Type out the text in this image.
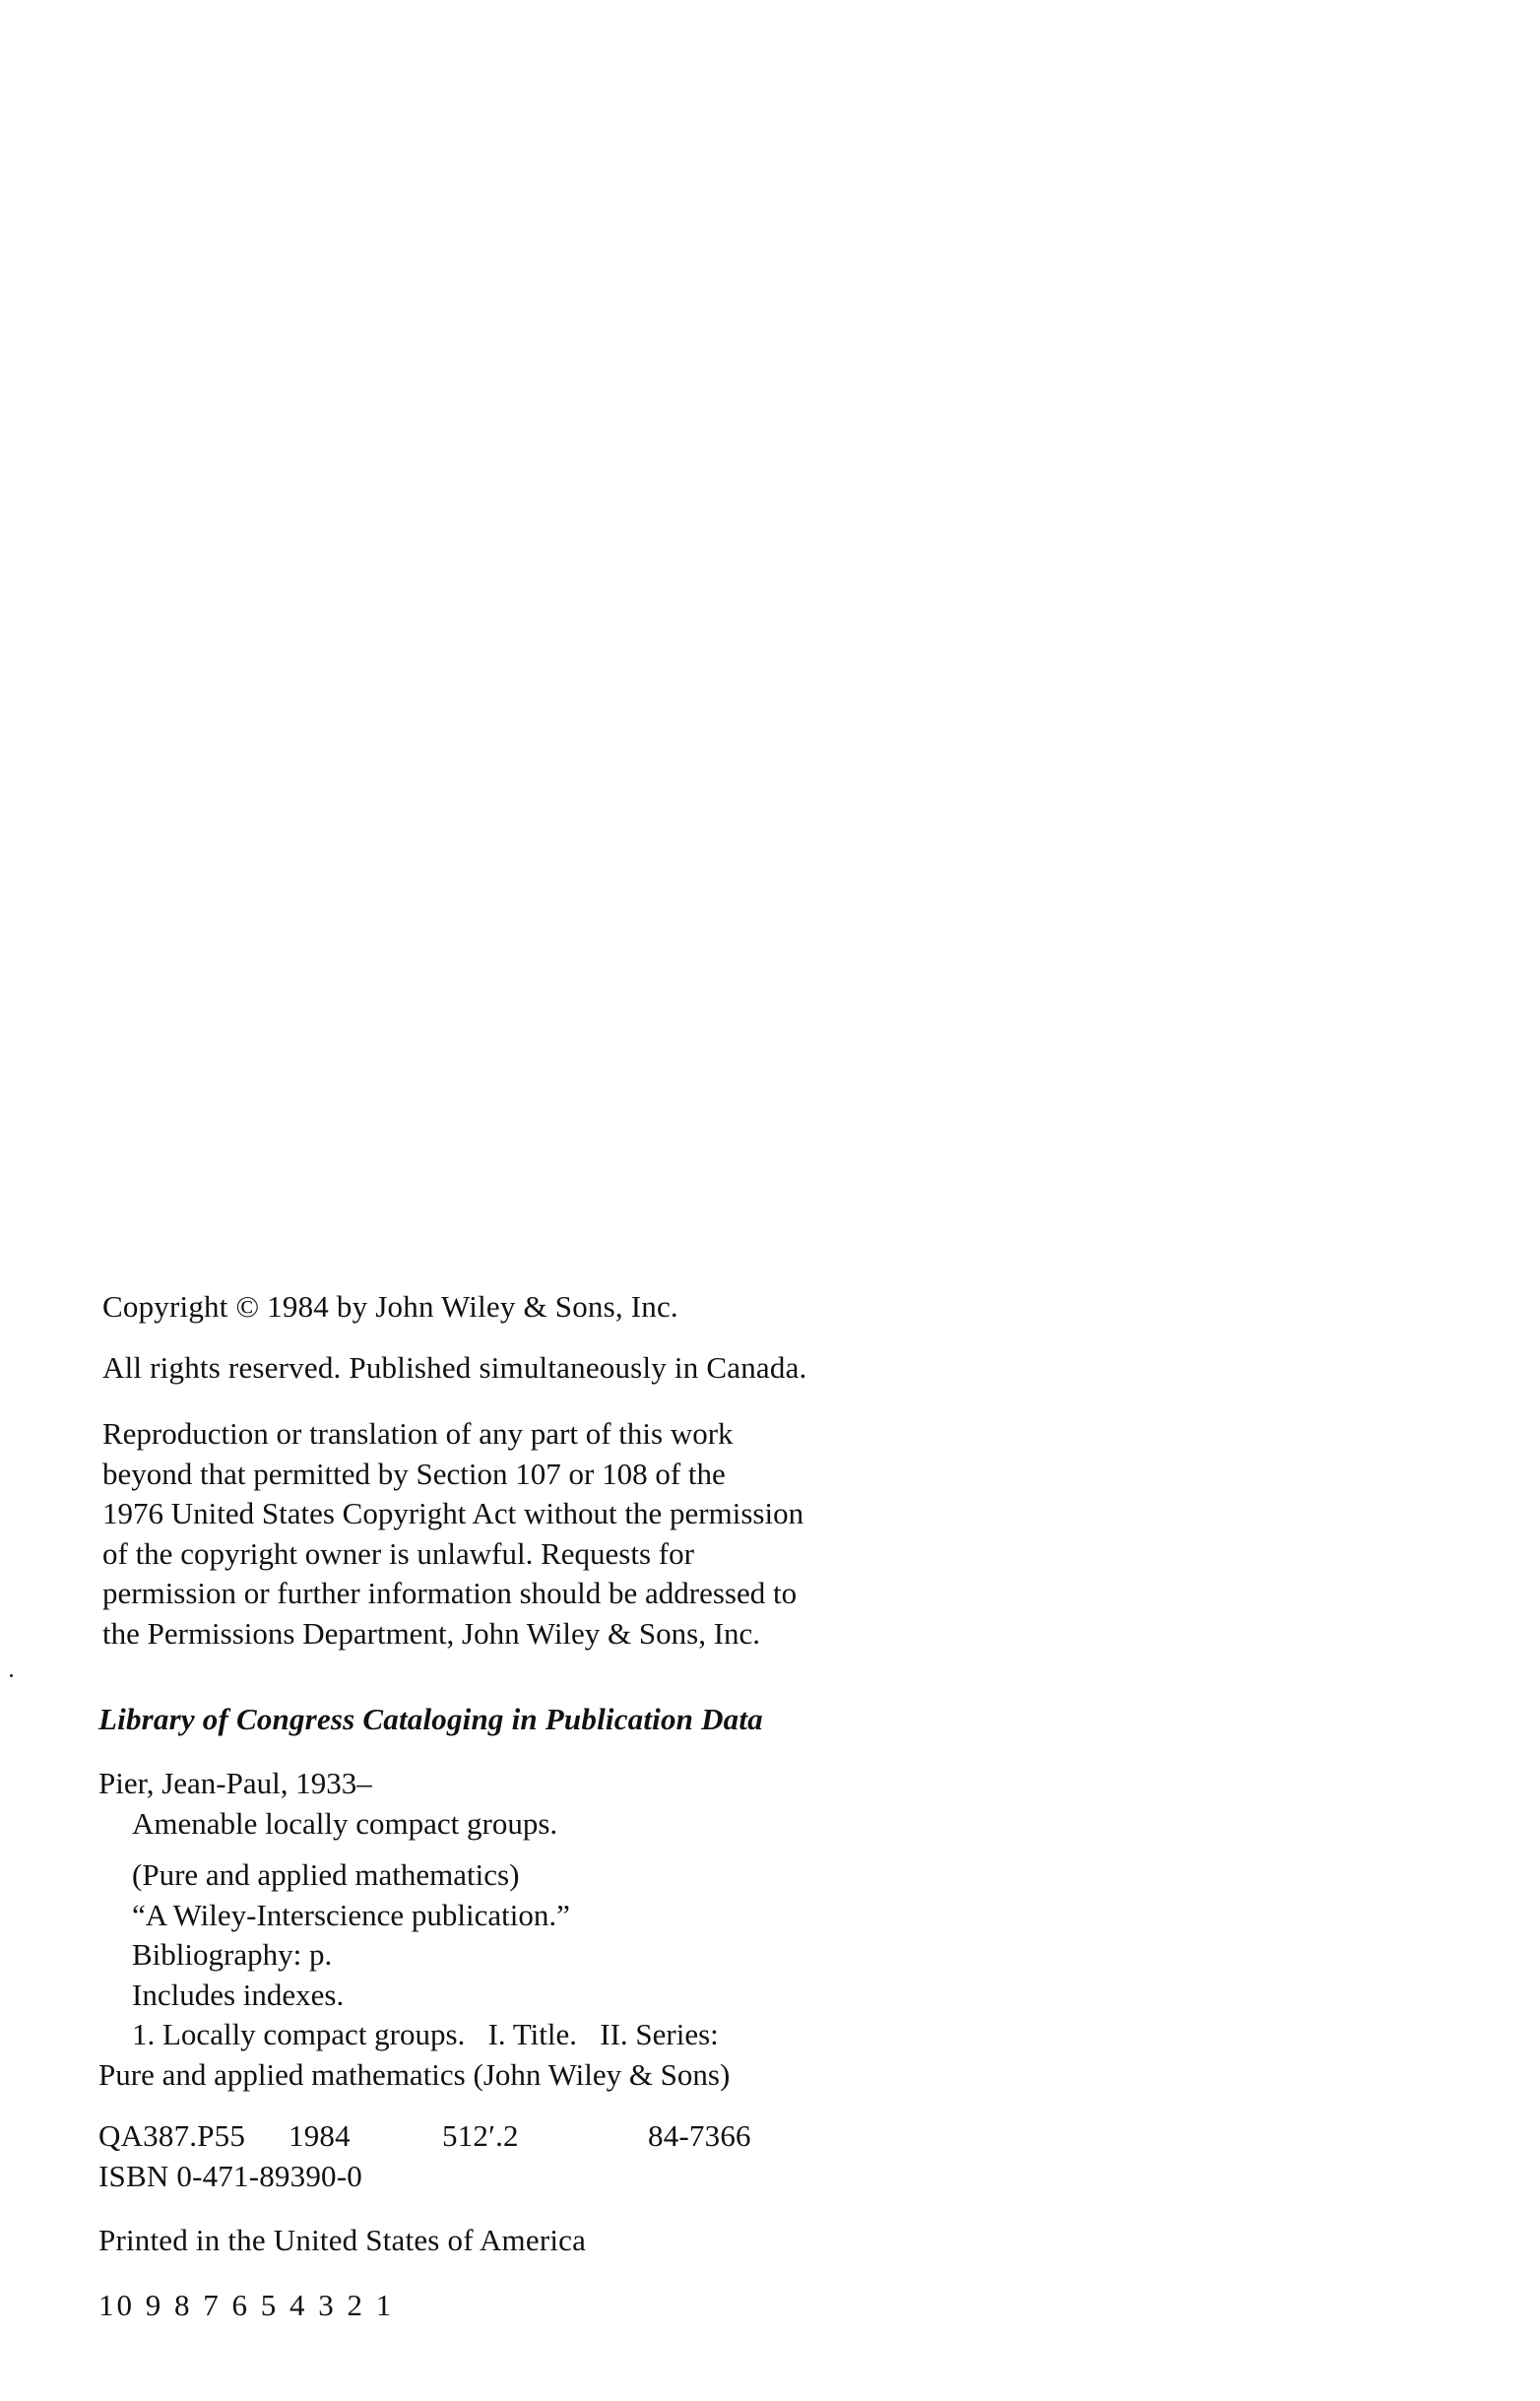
Copyright © 1984 by John Wiley & Sons, Inc.
All rights reserved. Published simultaneously in Canada.
Reproduction or translation of any part of this work
beyond that permitted by Section 107 or 108 of the
1976 United States Copyright Act without the permission
of the copyright owner is unlawful. Requests for
permission or further information should be addressed to
the Permissions Department, John Wiley & Sons, Inc.
Library of Congress Cataloging in Publication Data
Pier, Jean-Paul, 1933–
Amenable locally compact groups.
(Pure and applied mathematics)
“A Wiley-Interscience publication.”
Bibliography: p.
Includes indexes.
1. Locally compact groups.   I. Title.   II. Series:
Pure and applied mathematics (John Wiley & Sons)
QA387.P55 1984	512′.2	84-7366
ISBN 0-471-89390-0
Printed in the United States of America
10 9 8 7 6 5 4 3 2 1
